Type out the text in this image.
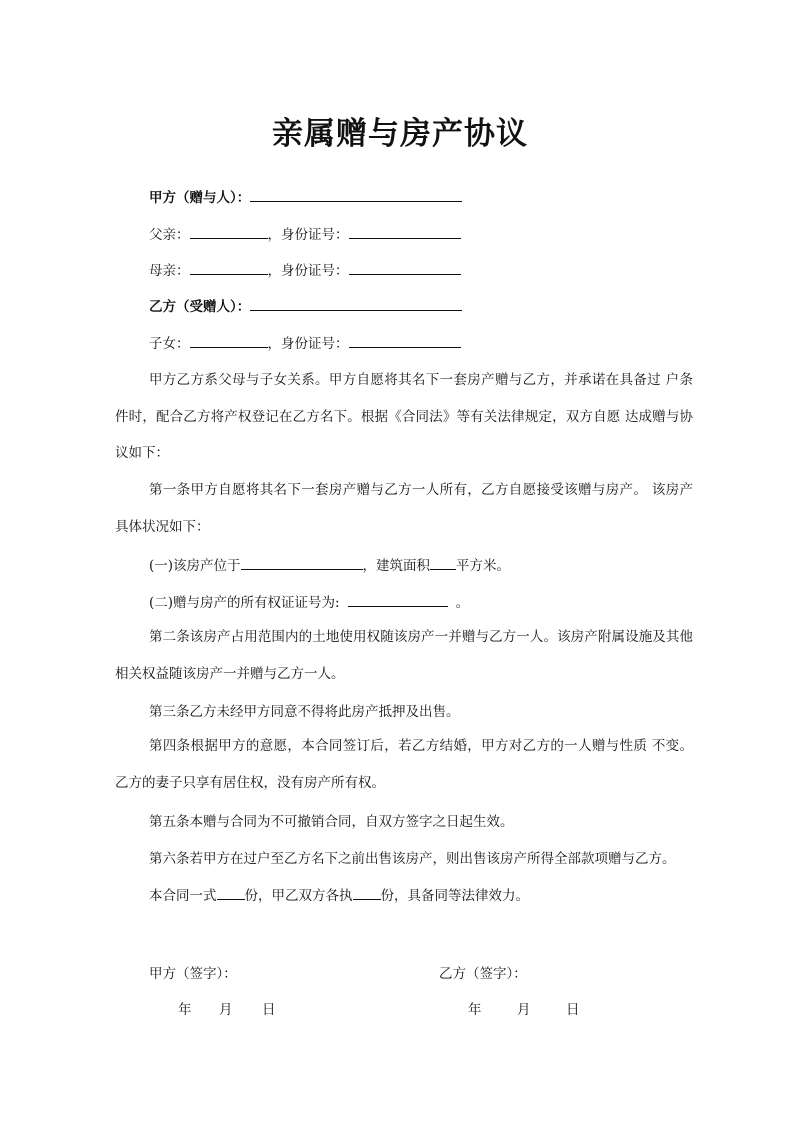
亲属赠与房产协议
甲方（赠与人）：
父亲：	，身份证号：
母亲：	，身份证号：
乙方（受赠人）：
子女：	，身份证号：
甲方乙方系父母与子女关系。甲方自愿将其名下一套房产赠与乙方，并承诺在具备过 户条件时，配合乙方将产权登记在乙方名下。根据《合同法》等有关法律规定，双方自愿 达成赠与协议如下：
第一条甲方自愿将其名下一套房产赠与乙方一人所有，乙方自愿接受该赠与房产。 该房产具体状况如下：
(一)该房产位于	，建筑面积 平方米。
(二)赠与房产的所有权证证号为:	。
第二条该房产占用范围内的土地使用权随该房产一并赠与乙方一人。该房产附属设施及其他相关权益随该房产一并赠与乙方一人。
第三条乙方未经甲方同意不得将此房产抵押及出售。
第四条根据甲方的意愿，本合同签订后，若乙方结婚，甲方对乙方的一人赠与性质 不变。乙方的妻子只享有居住权，没有房产所有权。
第五条本赠与合同为不可撤销合同，自双方签字之日起生效。
第六条若甲方在过户至乙方名下之前出售该房产，则出售该房产所得全部款项赠与乙方。
本合同一式 份，甲乙双方各执 份，具备同等法律效力。
甲方（签字）：	乙方（签字）：
年 月 日	年	月	日
